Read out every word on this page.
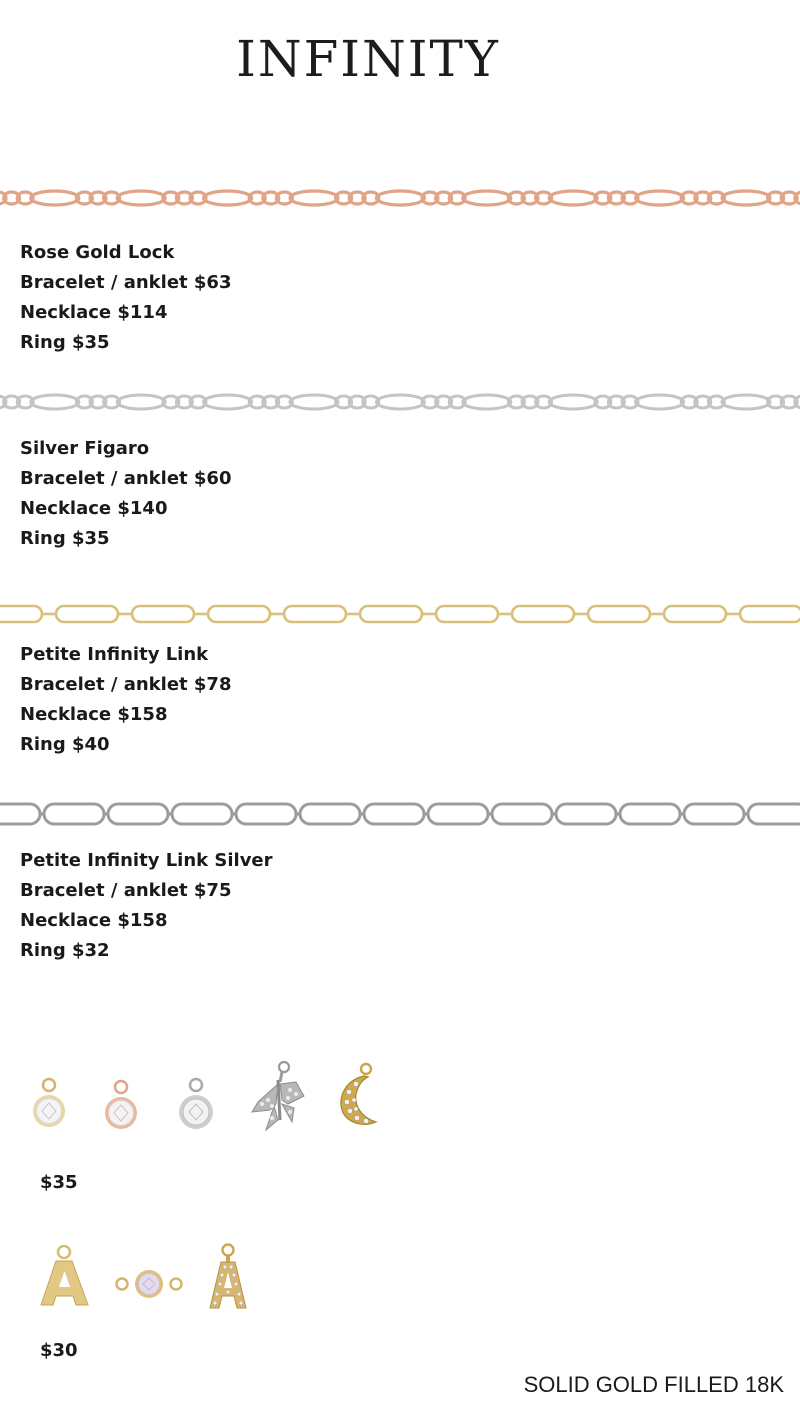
INFINITY
Rose Gold Lock
Bracelet / anklet $63
Necklace $114
Ring $35
Silver Figaro
Bracelet / anklet $60
Necklace $140
Ring $35
Petite Infinity Link
Bracelet / anklet $78
Necklace $158
Ring $40
Petite Infinity Link Silver
Bracelet / anklet $75
Necklace $158
Ring $32
$35
$30
SOLID GOLD FILLED 18K
